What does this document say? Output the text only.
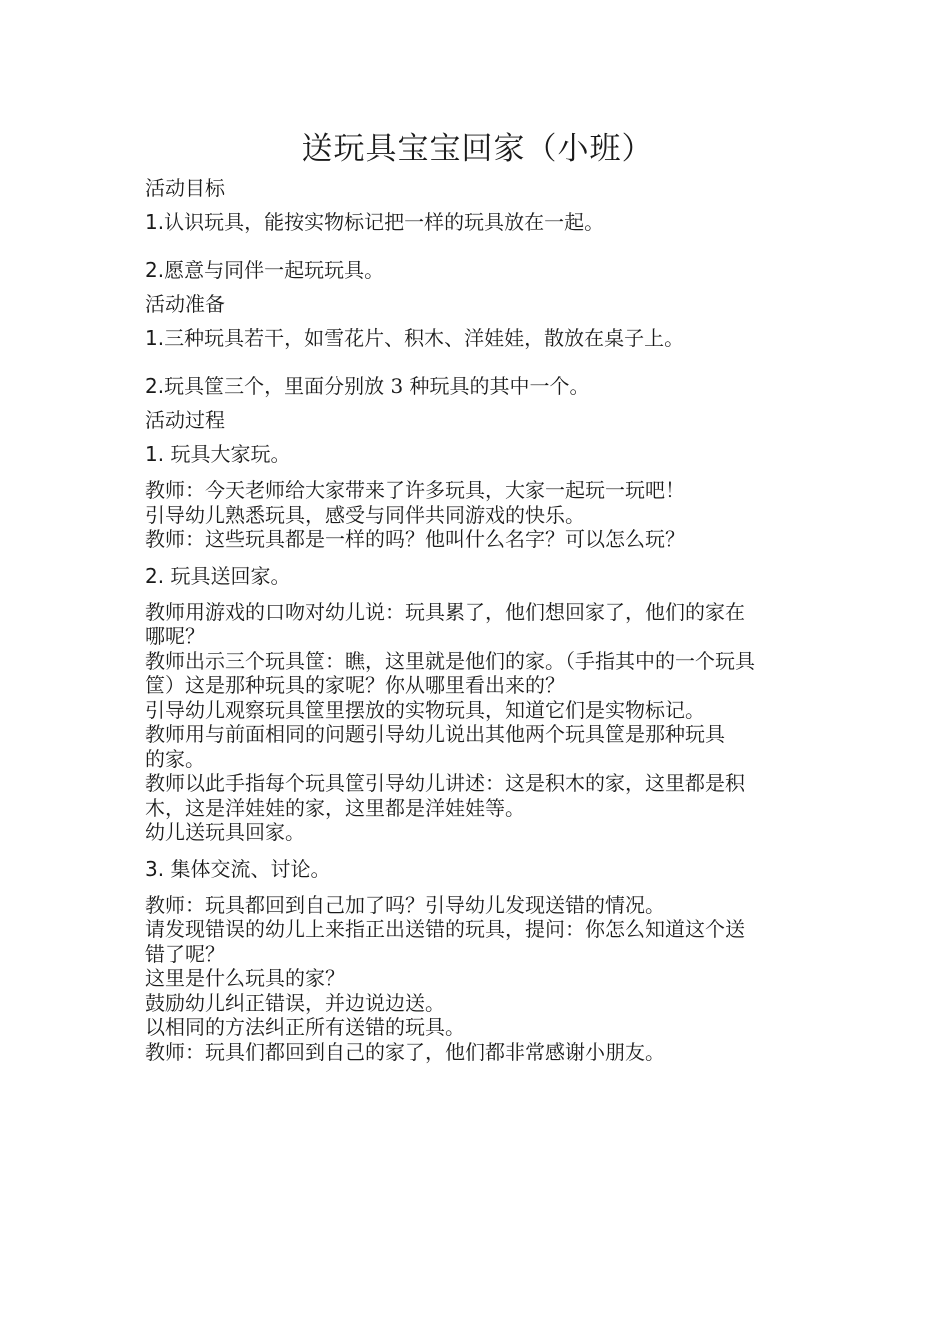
送玩具宝宝回家（小班）
活动目标
1.认识玩具，能按实物标记把一样的玩具放在一起。
2.愿意与同伴一起玩玩具。
活动准备
1.三种玩具若干，如雪花片、积木、洋娃娃，散放在桌子上。
2.玩具筐三个，里面分别放 3 种玩具的其中一个。
活动过程
1. 玩具大家玩。
教师：今天老师给大家带来了许多玩具，大家一起玩一玩吧！
引导幼儿熟悉玩具，感受与同伴共同游戏的快乐。
教师：这些玩具都是一样的吗？他叫什么名字？可以怎么玩？
2. 玩具送回家。
教师用游戏的口吻对幼儿说：玩具累了，他们想回家了，他们的家在
哪呢？
教师出示三个玩具筐：瞧，这里就是他们的家。（手指其中的一个玩具
筐）这是那种玩具的家呢？你从哪里看出来的？
引导幼儿观察玩具筐里摆放的实物玩具，知道它们是实物标记。
教师用与前面相同的问题引导幼儿说出其他两个玩具筐是那种玩具
的家。
教师以此手指每个玩具筐引导幼儿讲述：这是积木的家，这里都是积
木，这是洋娃娃的家，这里都是洋娃娃等。
幼儿送玩具回家。
3. 集体交流、讨论。
教师：玩具都回到自己加了吗？引导幼儿发现送错的情况。
请发现错误的幼儿上来指正出送错的玩具，提问：你怎么知道这个送
错了呢？
这里是什么玩具的家？
鼓励幼儿纠正错误，并边说边送。
以相同的方法纠正所有送错的玩具。
教师：玩具们都回到自己的家了，他们都非常感谢小朋友。
